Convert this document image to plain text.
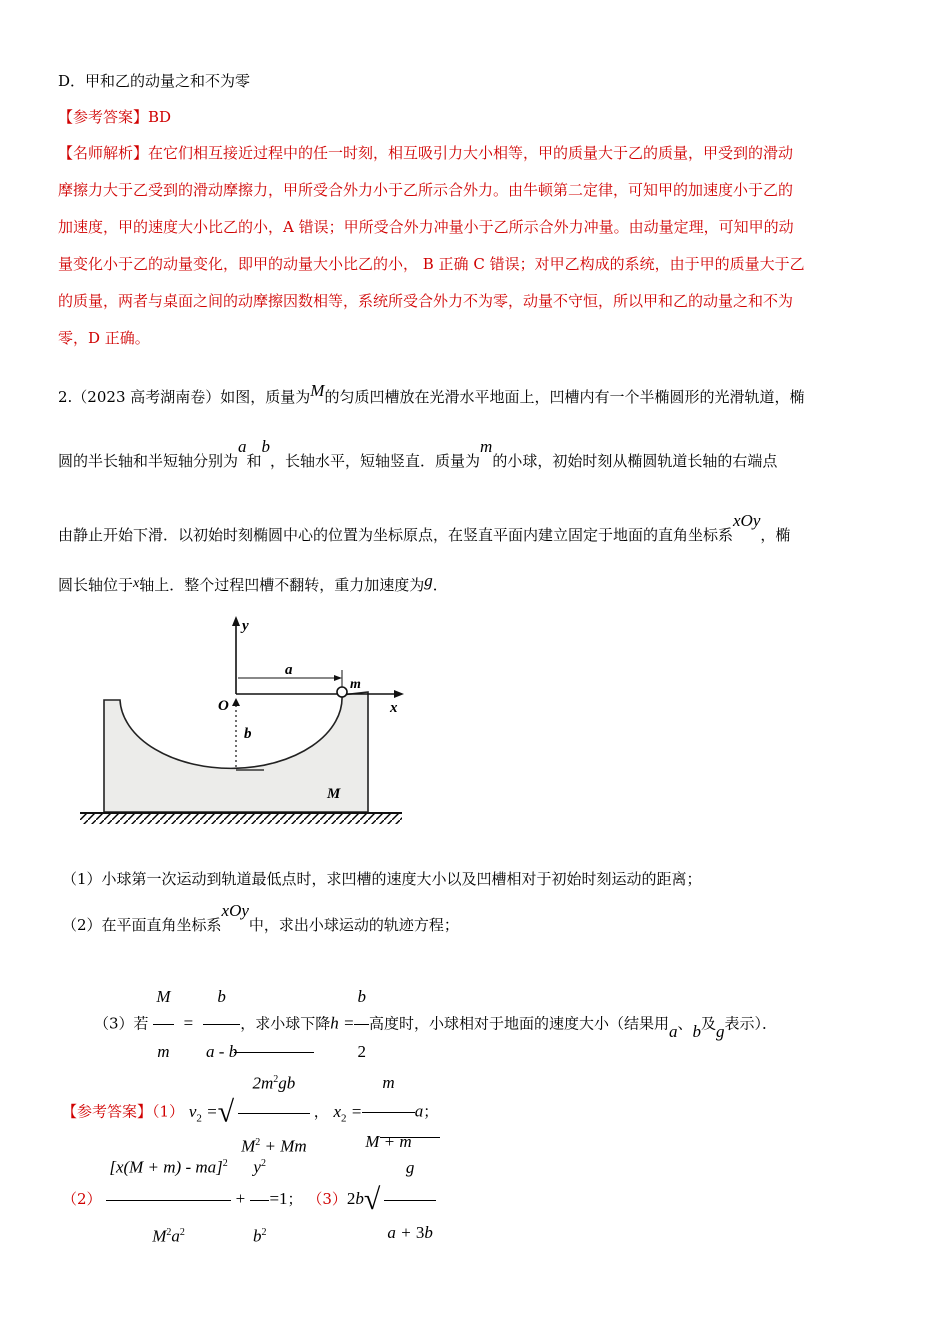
D．甲和乙的动量之和不为零
【参考答案】BD
【名师解析】在它们相互接近过程中的任一时刻，相互吸引力大小相等，甲的质量大于乙的质量，甲受到的滑动
摩擦力大于乙受到的滑动摩擦力，甲所受合外力小于乙所示合外力。由牛顿第二定律，可知甲的加速度小于乙的
加速度，甲的速度大小比乙的小，A 错误；甲所受合外力冲量小于乙所示合外力冲量。由动量定理，可知甲的动
量变化小于乙的动量变化，即甲的动量大小比乙的小， B 正确 C 错误；对甲乙构成的系统，由于甲的质量大于乙
的质量，两者与桌面之间的动摩擦因数相等，系统所受合外力不为零，动量不守恒，所以甲和乙的动量之和不为
零，D 正确。
2.（2023 高考湖南卷）如图，质量为M的匀质凹槽放在光滑水平地面上，凹槽内有一个半椭圆形的光滑轨道，椭
圆的半长轴和半短轴分别为a和b，长轴水平，短轴竖直．质量为m的小球，初始时刻从椭圆轨道长轴的右端点
由静止开始下滑．以初始时刻椭圆中心的位置为坐标原点，在竖直平面内建立固定于地面的直角坐标系xOy，椭
圆长轴位于x轴上．整个过程凹槽不翻转，重力加速度为g．
y
x
O
a
b
m
M
（1）小球第一次运动到轨道最低点时，求凹槽的速度大小以及凹槽相对于初始时刻运动的距离；
（2）在平面直角坐标系xOy中，求出小球运动的轨迹方程；
（3）若 $\frac{M}{m} = \frac{b}{a - b}$ ，求小球下降$h = \frac{b}{2}$ 高度时，小球相对于地面的速度大小（结果用a、b及g表示）．
【参考答案】（1） $v_2$ =√ $\frac{2m^2gb}{M^2 + Mm}$ ， $x_2 = \frac{m}{M + m}$ a；
$(2) \frac{[x(M + m) - ma]^2}{M^2a^2} + \frac{y^2}{b^2} =1$； $(3)2b√ \frac{g}{a + 3b}$
